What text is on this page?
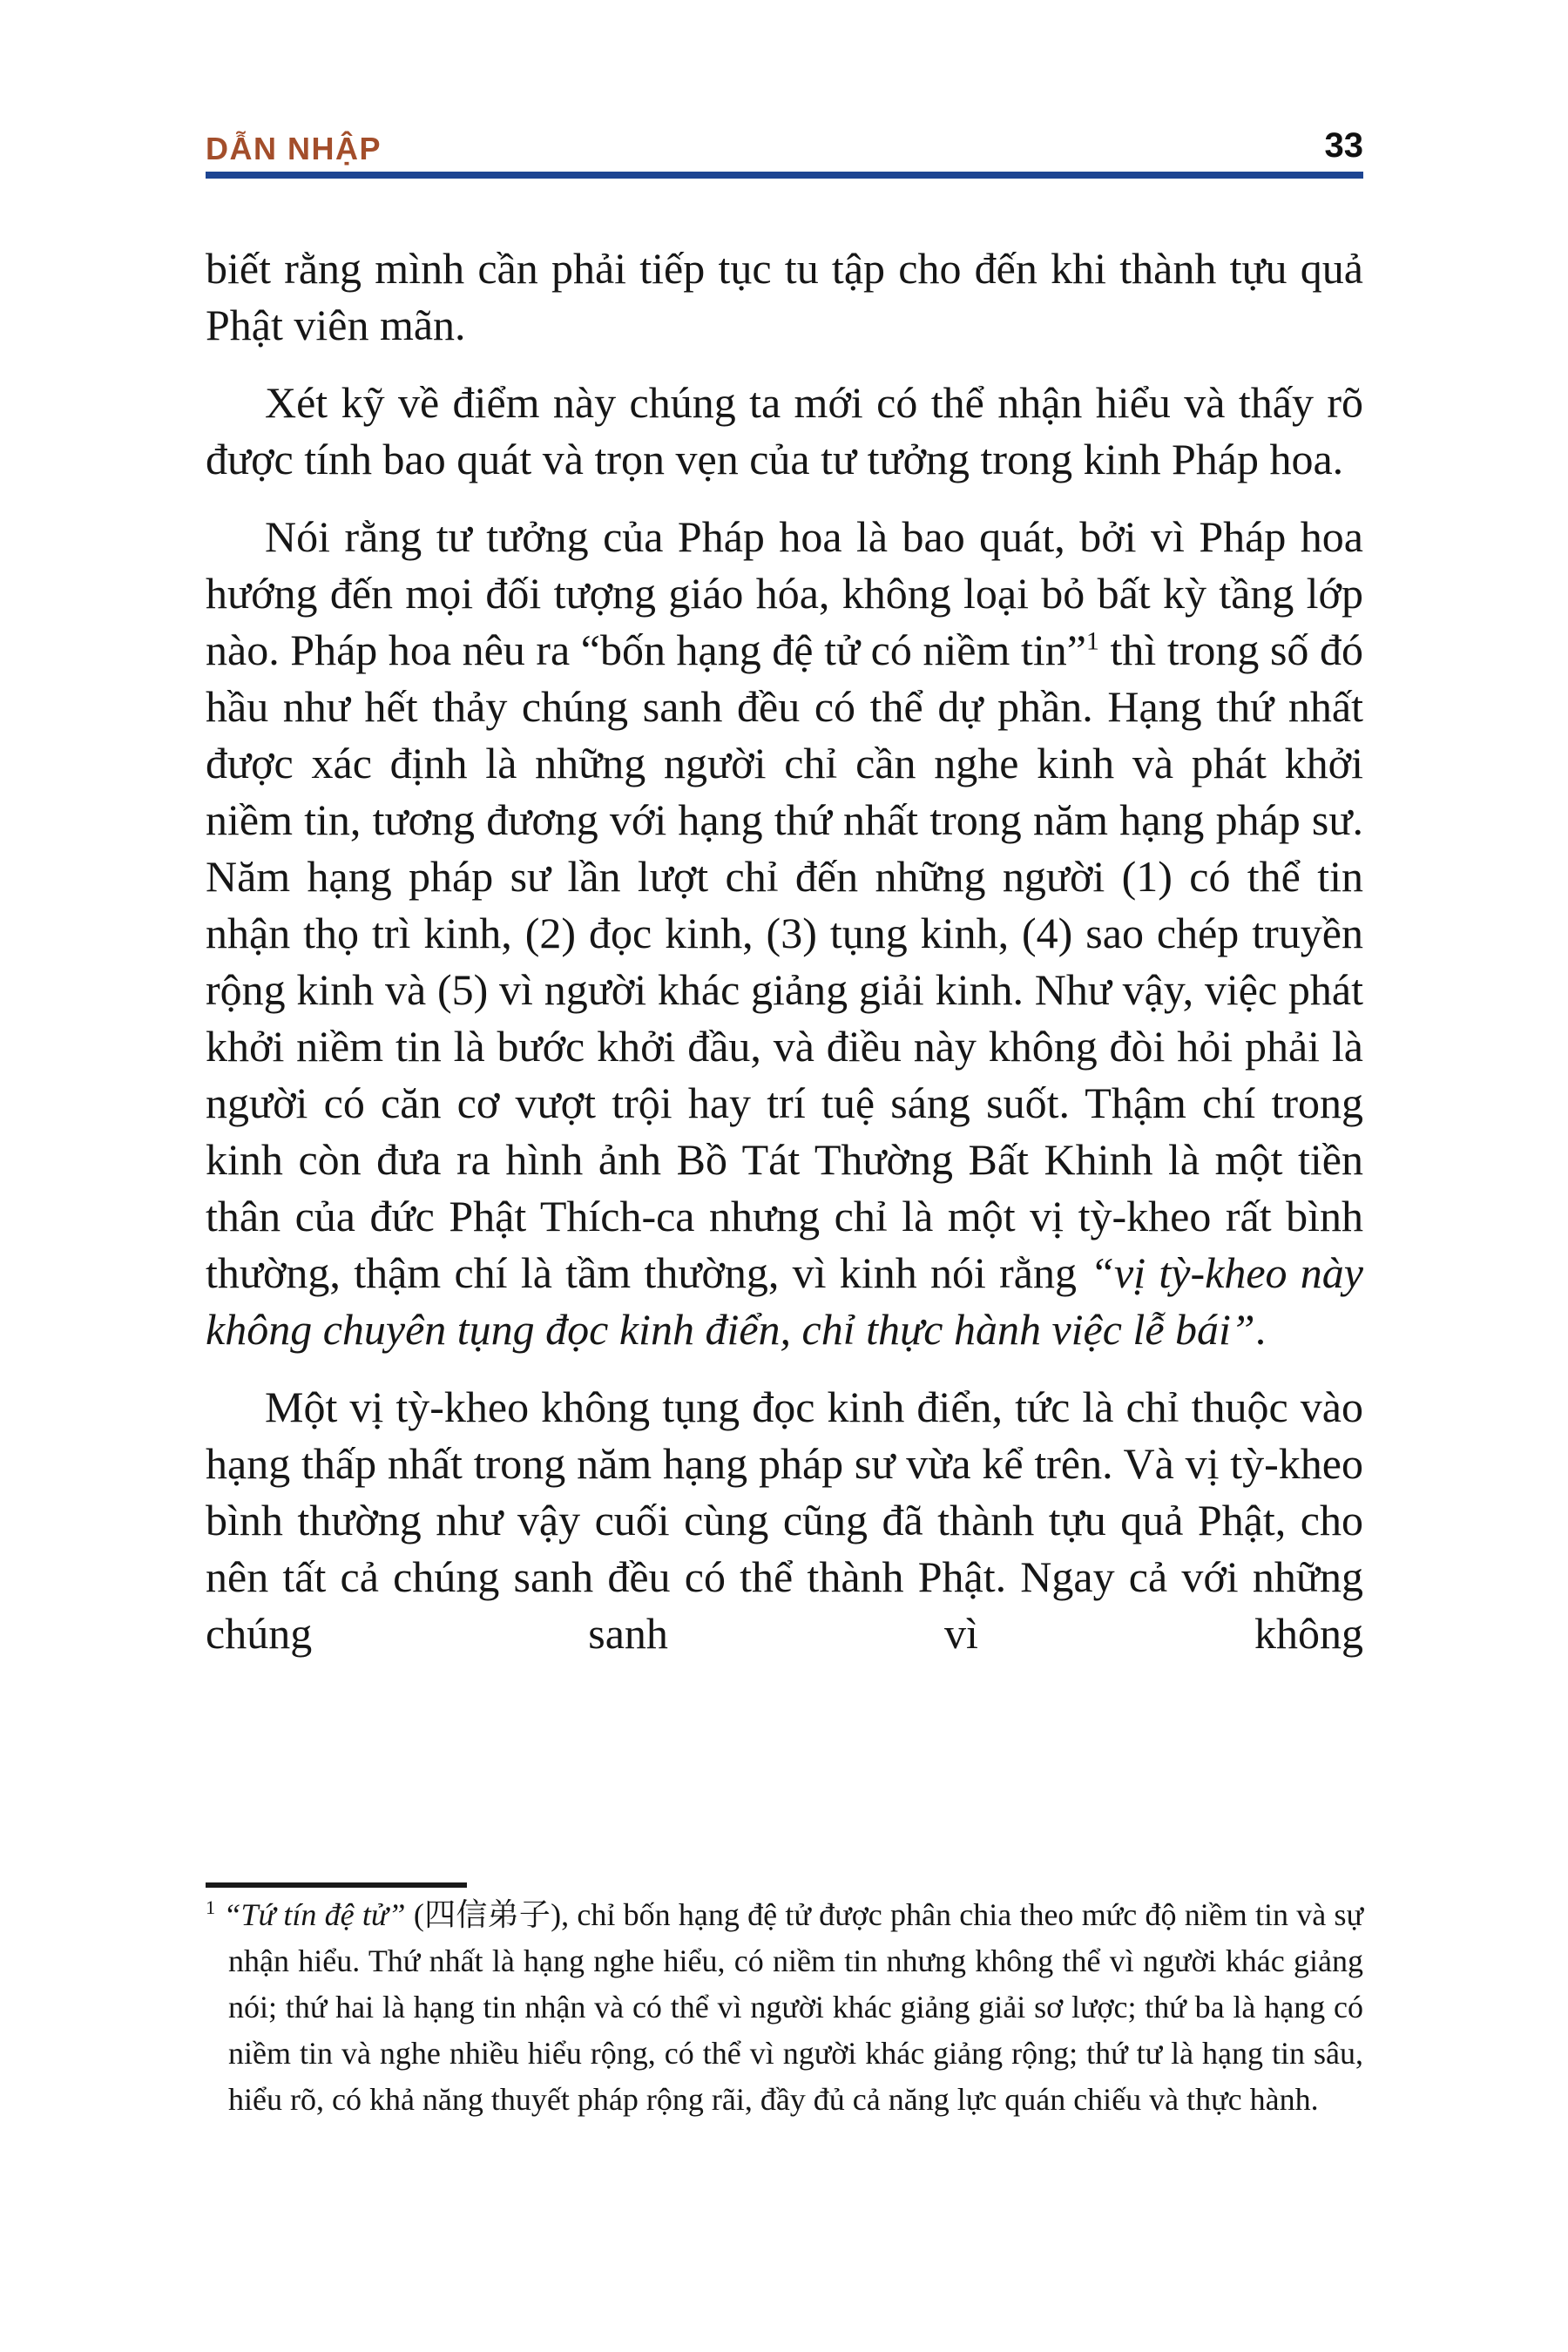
DẪN NHẬP	33

biết rằng mình cần phải tiếp tục tu tập cho đến khi thành tựu quả Phật viên mãn.

Xét kỹ về điểm này chúng ta mới có thể nhận hiểu và thấy rõ được tính bao quát và trọn vẹn của tư tưởng trong kinh Pháp hoa.

Nói rằng tư tưởng của Pháp hoa là bao quát, bởi vì Pháp hoa hướng đến mọi đối tượng giáo hóa, không loại bỏ bất kỳ tầng lớp nào. Pháp hoa nêu ra “bốn hạng đệ tử có niềm tin”$^1$ thì trong số đó hầu như hết thảy chúng sanh đều có thể dự phần. Hạng thứ nhất được xác định là những người chỉ cần nghe kinh và phát khởi niềm tin, tương đương với hạng thứ nhất trong năm hạng pháp sư. Năm hạng pháp sư lần lượt chỉ đến những người (1) có thể tin nhận thọ trì kinh, (2) đọc kinh, (3) tụng kinh, (4) sao chép truyền rộng kinh và (5) vì người khác giảng giải kinh. Như vậy, việc phát khởi niềm tin là bước khởi đầu, và điều này không đòi hỏi phải là người có căn cơ vượt trội hay trí tuệ sáng suốt. Thậm chí trong kinh còn đưa ra hình ảnh Bồ Tát Thường Bất Khinh là một tiền thân của đức Phật Thích-ca nhưng chỉ là một vị tỳ-kheo rất bình thường, thậm chí là tầm thường, vì kinh nói rằng “vị tỳ-kheo này không chuyên tụng đọc kinh điển, chỉ thực hành việc lễ bái”.

Một vị tỳ-kheo không tụng đọc kinh điển, tức là chỉ thuộc vào hạng thấp nhất trong năm hạng pháp sư vừa kể trên. Và vị tỳ-kheo bình thường như vậy cuối cùng cũng đã thành tựu quả Phật, cho nên tất cả chúng sanh đều có thể thành Phật. Ngay cả với những chúng sanh vì không

$^1$ “Tứ tín đệ tử” (四信弟子), chỉ bốn hạng đệ tử được phân chia theo mức độ niềm tin và sự nhận hiểu. Thứ nhất là hạng nghe hiểu, có niềm tin nhưng không thể vì người khác giảng nói; thứ hai là hạng tin nhận và có thể vì người khác giảng giải sơ lược; thứ ba là hạng có niềm tin và nghe nhiều hiểu rộng, có thể vì người khác giảng rộng; thứ tư là hạng tin sâu, hiểu rõ, có khả năng thuyết pháp rộng rãi, đầy đủ cả năng lực quán chiếu và thực hành.
